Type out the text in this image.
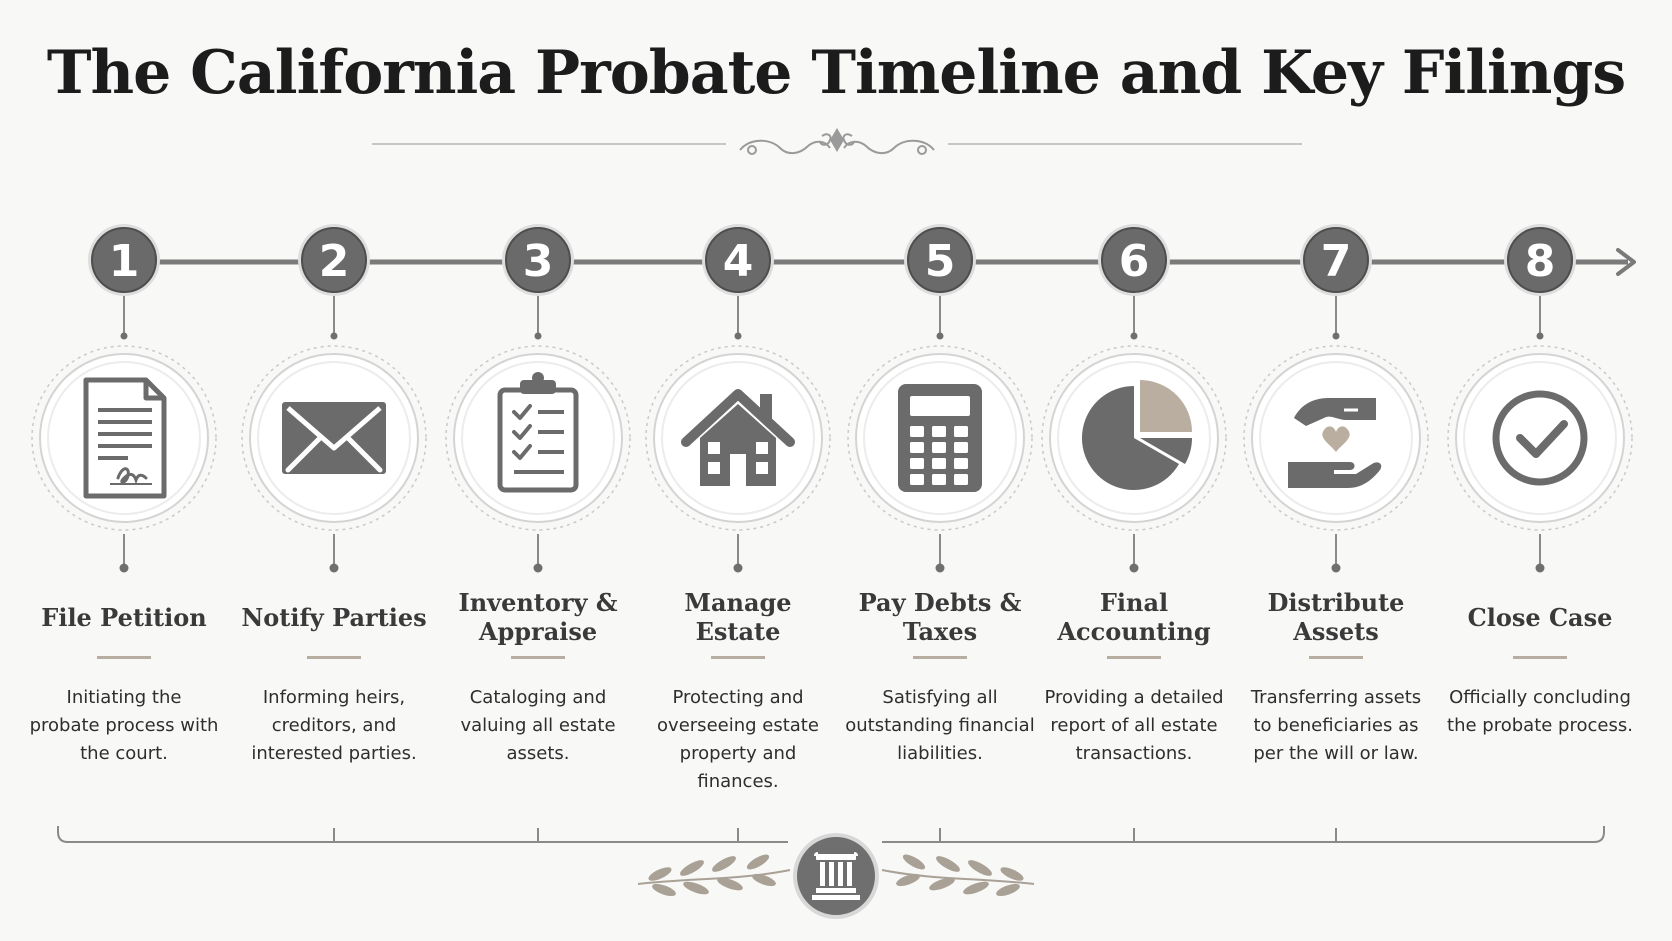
The California Probate Timeline and Key Filings
1	2	3	4	5	6	7	8
File Petition
Initiating the probate process with the court.
Notify Parties
Informing heirs, creditors, and interested parties.
Inventory & Appraise
Cataloging and valuing all estate assets.
Manage Estate
Protecting and overseeing estate property and finances.
Pay Debts & Taxes
Satisfying all outstanding financial liabilities.
Final Accounting
Providing a detailed report of all estate transactions.
Distribute Assets
Transferring assets to beneficiaries as per the will or law.
Close Case
Officially concluding the probate process.
